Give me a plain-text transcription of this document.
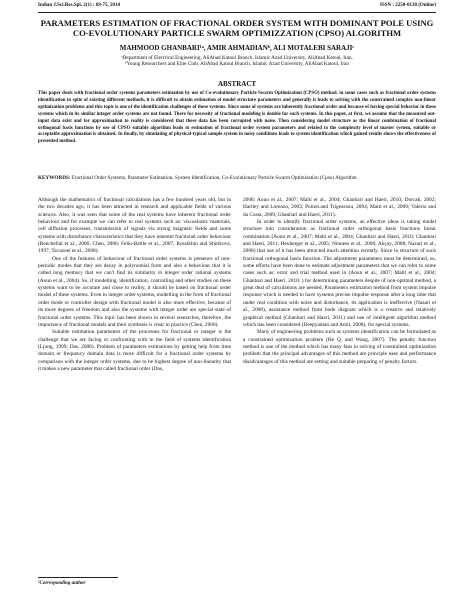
Indian J.Sci.Res.Spl. 2(1) : 69-75, 2014	ISSN : 2250-0138 (Online)
PARAMETERS ESTIMATION OF FRACTIONAL ORDER SYSTEM WITH DOMINANT POLE USING CO-EVOLUTIONARY PARTICLE SWARM OPTIMIZZATION (CPSO) ALGORITHM
MAHMOOD GHANBARI¹ᵃ, AMIR AHMADIANᵇ, ALI MOTALEBI SARAJIᶜ
ᵃDepartment of Electrical Engineering, AliAbad Katoul Branch, Islamic Azad University, AliAbad Katoul, Iran.
ᵇYoung Researchers and Elite Club, AliAbad Katoul Branch, Islamic Azad University, AliAbad Katoul, Iran
ABSTRACT
This paper deals with fractional order systems parameters estimation by use of Co-evolutionary Particle Swarm Optimization (CPSO) method. in some cases such as fractional order systems identification in spite of existing different methods, it is difficult to obtain estimation of model structure parameters and generally it leads to solving with the constrained complex non-linear optimization problems and this topic is one of the identification challenges of these systems. Since some of systems are inherently fractional order and because of having special behavior in these systems which in its similar integer order systems are not found. There for necessity of fractional modeling is double for such systems. In this paper, at first, we assume that the measured out-input data exist and for approximation to reality is considered that these data has been corrupted with noise. Then considering model structure as the linear combination of fractional orthogonal basis functions by use of CPSO suitable algorithm leads to estimation of fractional order system parameters and related to the complexity level of master system, suitable or acceptable approximation is obtained. In finally, by simulating of physical-typical sample system in noisy conditions leads to system identification which gained results shows the effectiveness of presented method.
KEYWORDS: Fractional Order Systems, Parameter Estimation, System Identification, Co-Evolutionary Particle Swarm Optimization (Cpso) Algorithm

Although the mathematics of fractional calculations has a few hundred years old, but in the two decades ago, it has been attracted in research and applicable fields of various sciences. Also, it was seen that some of the real systems have inherent fractional order behaviour and for example we can refer to real systems such as: viscoelastic materials, cell diffusion processes, transmission of signals via strong magnetic fields and some systems with disturbance characteristics that they have inherent fractional order behaviour (Benchellal et al., 2006; Chen, 2006; Feliu-Batlle et al., 2007; Rossikhin and Shitikova, 1997; Tavazoei et al., 2008).

One of the features of behaviour of fractional order systems is presence of non-periodic modes that they are decay in polynomial form and also a behaviour that it is called long memory that we can't find its similarity in integer order rational systems (Aoun et al., 2004). So, if modelling, identification, controlling and other studies on these systems want to be accurate and close to reality, it should be based on fractional order model of these systems. Even in integer order systems, modelling in the form of fractional order mode or controller design with fractional model is also more effective, because of its more degrees of freedom and also the systems with integer order are special state of fractional order systems. This topic has been shown in several researches, therefore, the importance of fractional models and their synthesis is clear in practice (Chen, 2006).

Suitable estimation parameters of the processes for fractional or integer is the challenge that we are facing or confronting with in the field of systems identification (Ljung, 1999; Das, 2008). Problem of parameters estimations by getting help from time domain or frequency domain data is more difficult for a fractional order systems by comparison with the integer order systems, due to be highest degree of non-linearity that it makes a new parameter that called fractional order (Das,

2008; Aoun et al., 2007; Malti et al., 2004; Ghanbari and Haeri, 2010; Dorcak, 2002; Hartley and Lorenzo, 2003; Poinot.and Trigeassou, 2004; Malti et al., 2009; Valério and da Costa, 2009, Ghanbari and Haeri, 2011).

In order to identify fractional order systems, an effective ideas is taking model structure into consideration as fractional order orthogonal basis functions linear combination (Aoun et al., 2007; Malti et al., 2004; Ghanbari and Haeri, 2010; Ghanbari and Haeri, 2011; Heuberger et al., 2005; Ninness et al., 2000; Akçay, 2008; Nazari et al., 2008) that use of it has been attracted much attention recently. Since in structure of such fractional orthogonal basis function. The adjustment parameters must be determined, so, some efforts have been done to estimate adjustment parameters that we can refer to some cases such as: error and trial method used in (Aoun et al., 2007; Malti et al., 2004; Ghanbari and Haeri, 2010; ) for determining parameters despite of non-optimal method, a great deal of calculations are needed, Parameters estimation method from system impulse response which is needed to have systems precise impulse response after a long time that under real condition with noise and disturbance, its application is ineffective (Nazari et al., 2008), assistance method from bode diagram which is a creative and relatively graphical method (Ghanbari and Haeri, 2011) and use of intelligent algorithm method which has been considered (Deepyaman and Amit, 2008), for special systems.

Many of engineering problems such as systems identification can be formulated as a constrained optimization problem (He Q. and Wang, 2007). The penalty function method is one of the method which has many fans in solving of constrained optimization problem that the principal advantages of this method are principle ease and performance disadvantages of this method are setting and suitable preparing of penalty factors.

¹Corresponding author
